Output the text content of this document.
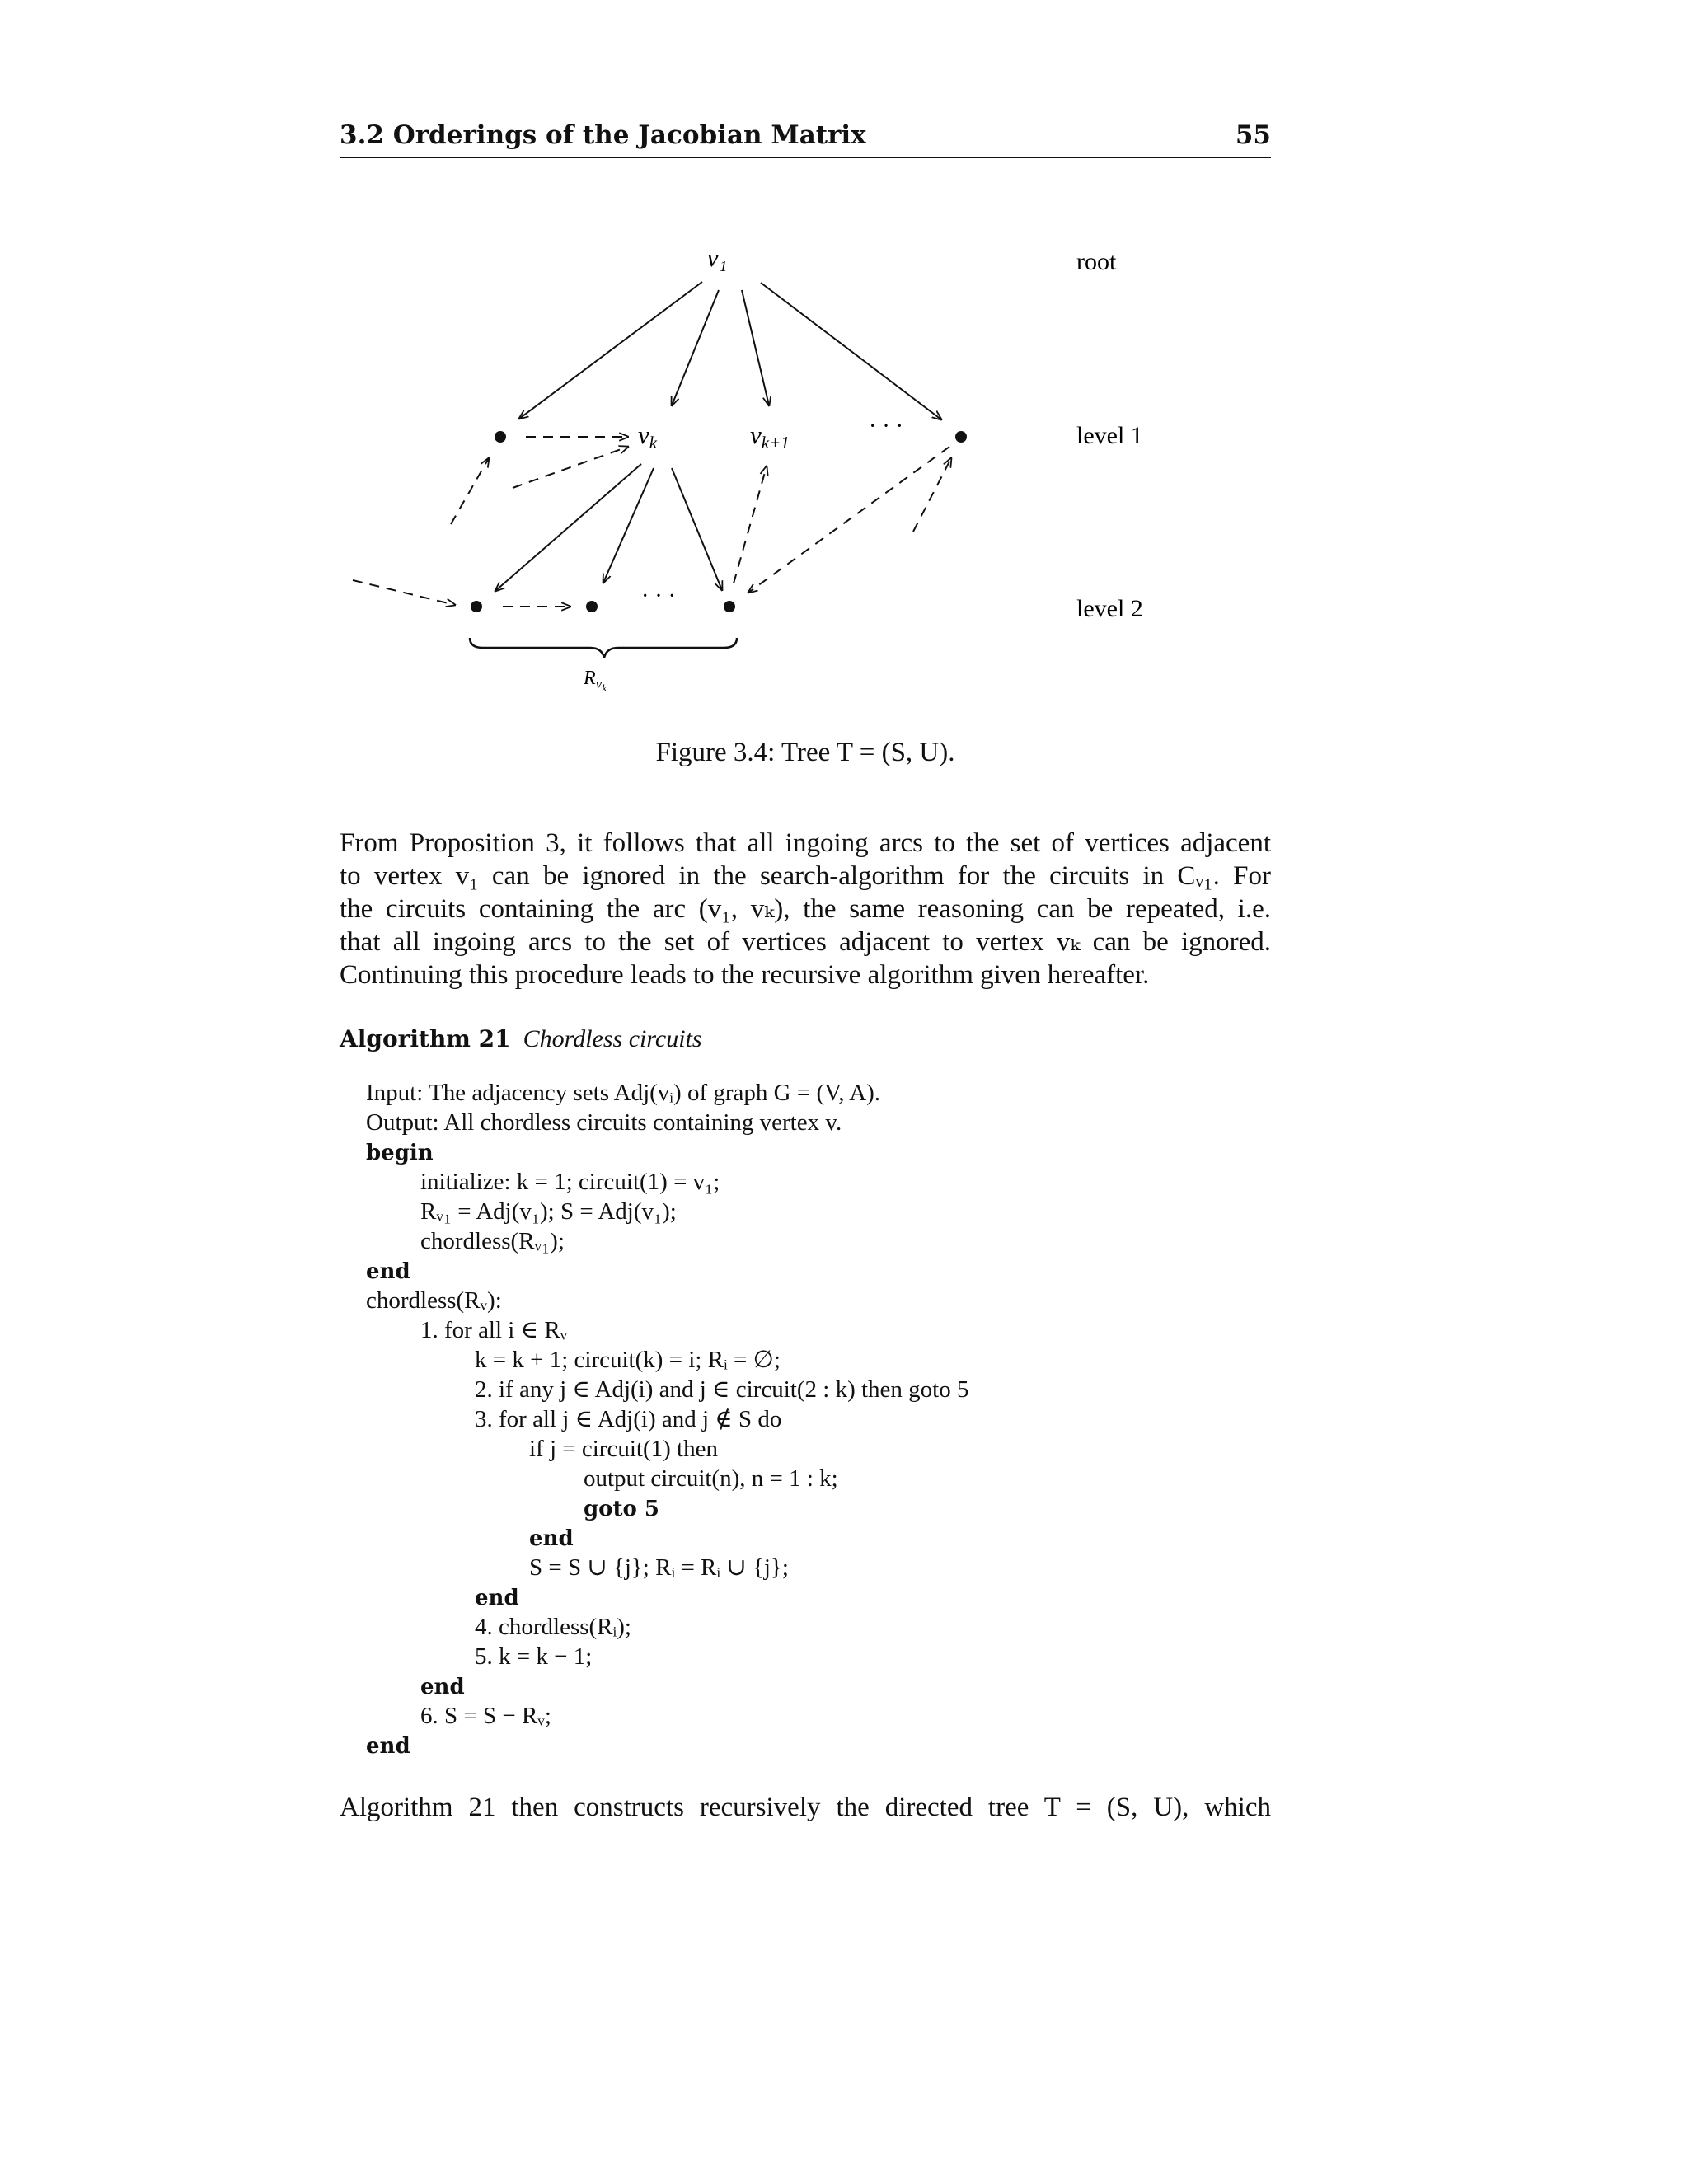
3.2 Orderings of the Jacobian Matrix	55
v₁
vk	vk+1
· · ·
· · ·
root
level 1
level 2
$R_vk$
Figure 3.4: Tree T = (S, U).
From Proposition 3, it follows that all ingoing arcs to the set of vertices adjacent
to vertex v₁ can be ignored in the search-algorithm for the circuits in Cᵥ₁. For
the circuits containing the arc (v₁, vₖ), the same reasoning can be repeated, i.e.
that all ingoing arcs to the set of vertices adjacent to vertex vₖ can be ignored.
Continuing this procedure leads to the recursive algorithm given hereafter.
Algorithm 21 Chordless circuits
Input: The adjacency sets Adj(vᵢ) of graph G = (V, A).
Output: All chordless circuits containing vertex v.
begin
initialize: k = 1; circuit(1) = v₁;
Rᵥ₁ = Adj(v₁); S = Adj(v₁);
chordless(Rᵥ₁);
end
chordless(Rᵥ):
1. for all i ∈ Rᵥ
k = k + 1; circuit(k) = i; Rᵢ = ∅;
2. if any j ∈ Adj(i) and j ∈ circuit(2 : k) then goto 5
3. for all j ∈ Adj(i) and j ∉ S do
if j = circuit(1) then
output circuit(n), n = 1 : k;
goto 5
end
S = S ∪ {j}; Rᵢ = Rᵢ ∪ {j};
end
4. chordless(Rᵢ);
5. k = k − 1;
end
6. S = S − Rᵥ;
end
Algorithm 21 then constructs recursively the directed tree T = (S, U), which
